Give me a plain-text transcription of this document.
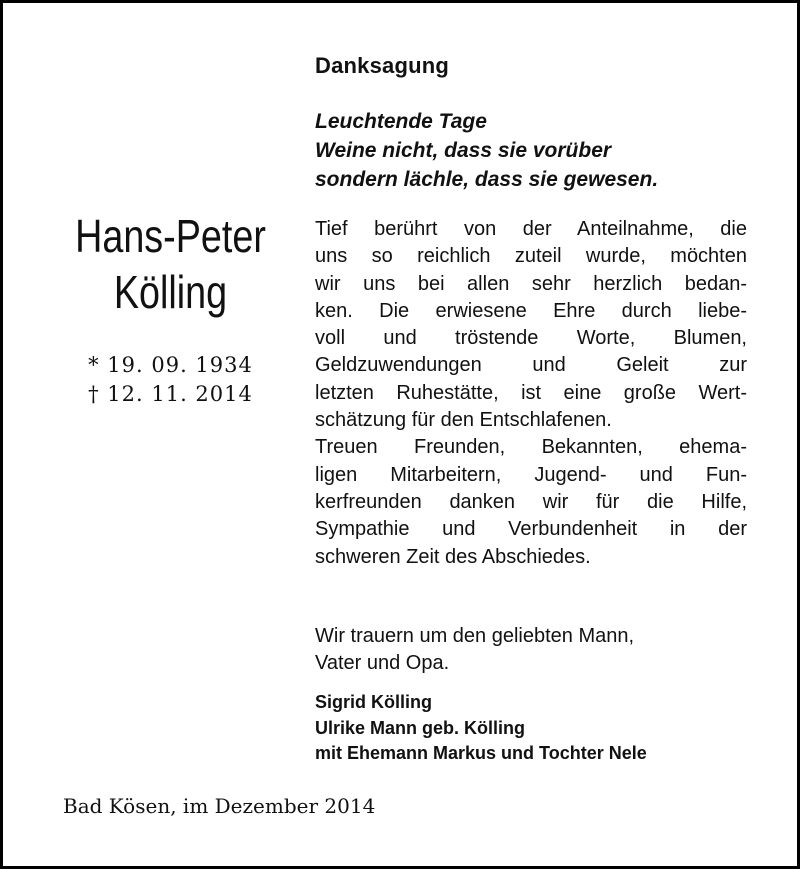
Danksagung
Leuchtende Tage
Weine nicht, dass sie vorüber
sondern lächle, dass sie gewesen.
Hans-Peter
Kölling
* 19. 09. 1934
† 12. 11. 2014
Tief berührt von der Anteilnahme, die
uns so reichlich zuteil wurde, möchten
wir uns bei allen sehr herzlich bedan-
ken. Die erwiesene Ehre durch liebe-
voll und tröstende Worte, Blumen,
Geldzuwendungen und Geleit zur
letzten Ruhestätte, ist eine große Wert-
schätzung für den Entschlafenen.
Treuen Freunden, Bekannten, ehema-
ligen Mitarbeitern, Jugend- und Fun-
kerfreunden danken wir für die Hilfe,
Sympathie und Verbundenheit in der
schweren Zeit des Abschiedes.
Wir trauern um den geliebten Mann,
Vater und Opa.
Sigrid Kölling
Ulrike Mann geb. Kölling
mit Ehemann Markus und Tochter Nele
Bad Kösen, im Dezember 2014
